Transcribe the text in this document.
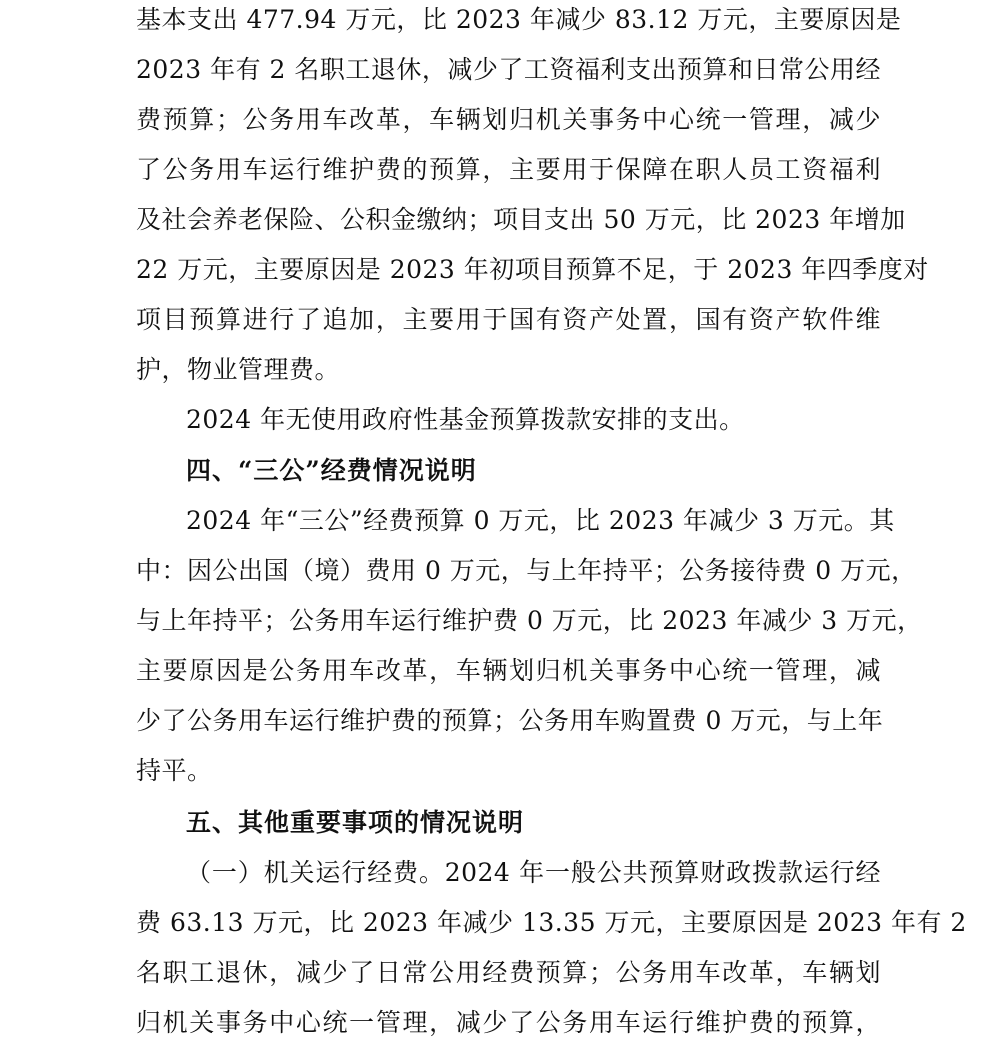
基本支出 477.94 万元，比 2023 年减少 83.12 万元，主要原因是
2023 年有 2 名职工退休，减少了工资福利支出预算和日常公用经
费预算；公务用车改革，车辆划归机关事务中心统一管理，减少
了公务用车运行维护费的预算，主要用于保障在职人员工资福利
及社会养老保险、公积金缴纳；项目支出 50 万元，比 2023 年增加
22 万元，主要原因是 2023 年初项目预算不足，于 2023 年四季度对
项目预算进行了追加，主要用于国有资产处置，国有资产软件维
护，物业管理费。
2024 年无使用政府性基金预算拨款安排的支出。
四、“三公”经费情况说明
2024 年“三公”经费预算 0 万元，比 2023 年减少 3 万元。其
中：因公出国（境）费用 0 万元，与上年持平；公务接待费 0 万元，
与上年持平；公务用车运行维护费 0 万元，比 2023 年减少 3 万元，
主要原因是公务用车改革，车辆划归机关事务中心统一管理，减
少了公务用车运行维护费的预算；公务用车购置费 0 万元，与上年
持平。
五、其他重要事项的情况说明
（一）机关运行经费。2024 年一般公共预算财政拨款运行经
费 63.13 万元，比 2023 年减少 13.35 万元，主要原因是 2023 年有 2
名职工退休，减少了日常公用经费预算；公务用车改革，车辆划
归机关事务中心统一管理，减少了公务用车运行维护费的预算，
